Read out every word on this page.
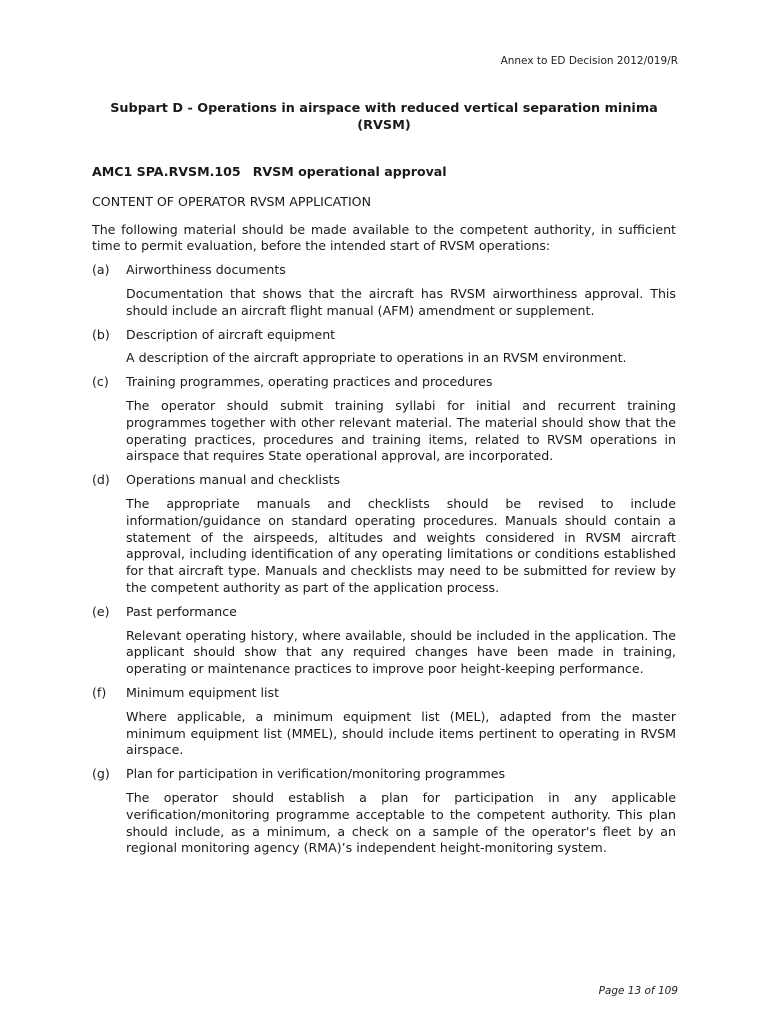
Annex to ED Decision 2012/019/R
Subpart D - Operations in airspace with reduced vertical separation minima (RVSM)

AMC1 SPA.RVSM.105 RVSM operational approval

CONTENT OF OPERATOR RVSM APPLICATION

The following material should be made available to the competent authority, in sufficient time to permit evaluation, before the intended start of RVSM operations:

(a)	Airworthiness documents

Documentation that shows that the aircraft has RVSM airworthiness approval. This should include an aircraft flight manual (AFM) amendment or supplement.

(b)	Description of aircraft equipment

A description of the aircraft appropriate to operations in an RVSM environment.

(c)	Training programmes, operating practices and procedures

The operator should submit training syllabi for initial and recurrent training programmes together with other relevant material. The material should show that the operating practices, procedures and training items, related to RVSM operations in airspace that requires State operational approval, are incorporated.

(d)	Operations manual and checklists

The appropriate manuals and checklists should be revised to include information/guidance on standard operating procedures. Manuals should contain a statement of the airspeeds, altitudes and weights considered in RVSM aircraft approval, including identification of any operating limitations or conditions established for that aircraft type. Manuals and checklists may need to be submitted for review by the competent authority as part of the application process.

(e)	Past performance

Relevant operating history, where available, should be included in the application. The applicant should show that any required changes have been made in training, operating or maintenance practices to improve poor height-keeping performance.

(f)	Minimum equipment list

Where applicable, a minimum equipment list (MEL), adapted from the master minimum equipment list (MMEL), should include items pertinent to operating in RVSM airspace.

(g)	Plan for participation in verification/monitoring programmes

The operator should establish a plan for participation in any applicable verification/monitoring programme acceptable to the competent authority. This plan should include, as a minimum, a check on a sample of the operator's fleet by an regional monitoring agency (RMA)’s independent height-monitoring system.

Page 13 of 109
